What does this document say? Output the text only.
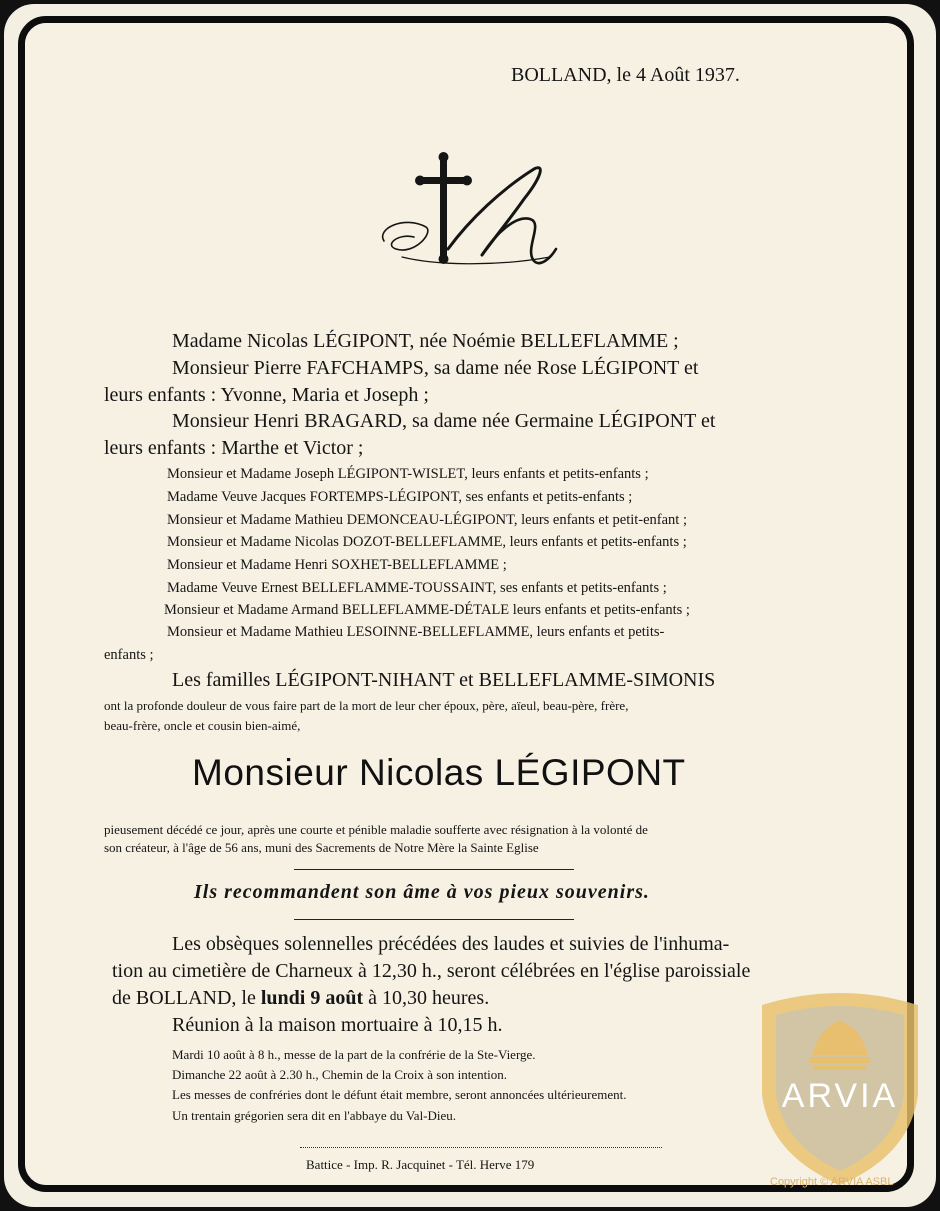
BOLLAND, le 4 Août 1937.
Madame Nicolas LÉGIPONT, née Noémie BELLEFLAMME ;
Monsieur Pierre FAFCHAMPS, sa dame née Rose LÉGIPONT et
leurs enfants : Yvonne, Maria et Joseph ;
Monsieur Henri BRAGARD, sa dame née Germaine LÉGIPONT et
leurs enfants : Marthe et Victor ;
Monsieur et Madame Joseph LÉGIPONT-WISLET, leurs enfants et petits-enfants ;
Madame Veuve Jacques FORTEMPS-LÉGIPONT, ses enfants et petits-enfants ;
Monsieur et Madame Mathieu DEMONCEAU-LÉGIPONT, leurs enfants et petit-enfant ;
Monsieur et Madame Nicolas DOZOT-BELLEFLAMME, leurs enfants et petits-enfants ;
Monsieur et Madame Henri SOXHET-BELLEFLAMME ;
Madame Veuve Ernest BELLEFLAMME-TOUSSAINT, ses enfants et petits-enfants ;
Monsieur et Madame Armand BELLEFLAMME-DÉTALE leurs enfants et petits-enfants ;
Monsieur et Madame Mathieu LESOINNE-BELLEFLAMME, leurs enfants et petits-
enfants ;
Les familles LÉGIPONT-NIHANT et BELLEFLAMME-SIMONIS
ont la profonde douleur de vous faire part de la mort de leur cher époux, père, aïeul, beau-père, frère,
beau-frère, oncle et cousin bien-aimé,
Monsieur Nicolas LÉGIPONT
pieusement décédé ce jour, après une courte et pénible maladie soufferte avec résignation à la volonté de
son créateur, à l'âge de 56 ans, muni des Sacrements de Notre Mère la Sainte Eglise
Ils recommandent son âme à vos pieux souvenirs.
Les obsèques solennelles précédées des laudes et suivies de l'inhuma-
tion au cimetière de Charneux à 12,30 h., seront célébrées en l'église paroissiale
de BOLLAND, le lundi 9 août à 10,30 heures.
Réunion à la maison mortuaire à 10,15 h.
Mardi 10 août à 8 h., messe de la part de la confrérie de la Ste-Vierge.
Dimanche 22 août à 2.30 h., Chemin de la Croix à son intention.
Les messes de confréries dont le défunt était membre, seront annoncées ultérieurement.
Un trentain grégorien sera dit en l'abbaye du Val-Dieu.
Battice - Imp. R. Jacquinet - Tél. Herve 179
ARVIA
Copyright © ARVIA ASBL
